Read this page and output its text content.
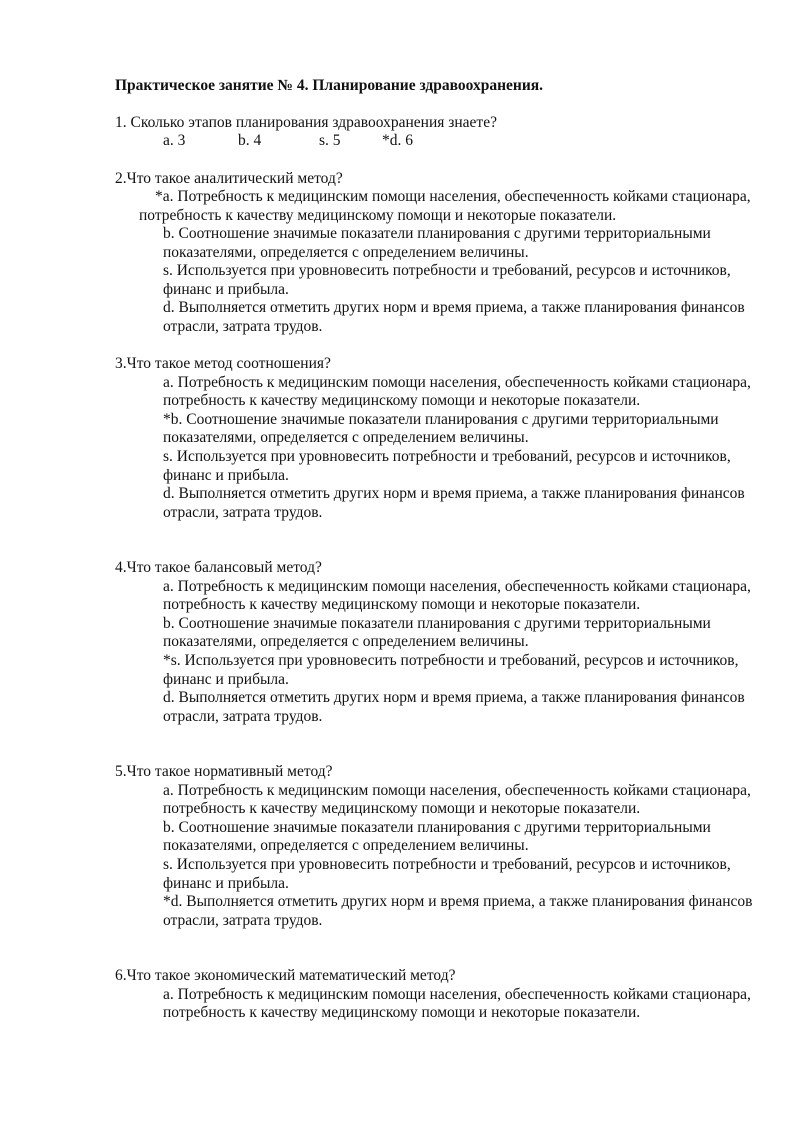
Практическое занятие № 4. Планирование здравоохранения.
1. Сколько этапов планирования здравоохранения знаете?
a. 3	b. 4	s. 5	*d. 6
2.Что такое аналитический метод?
*a. Потребность к медицинским помощи населения, обеспеченность койками стационара, потребность к качеству медицинскому помощи и некоторые показатели.
b. Соотношение значимые показатели планирования с другими территориальными показателями, определяется с определением величины.
s. Используется при уровновесить потребности и требований, ресурсов и источников, финанс и прибыла.
d. Выполняется отметить других норм и время приема, а также планирования финансов отрасли, затрата трудов.
3.Что такое метод соотношения?
a. Потребность к медицинским помощи населения, обеспеченность койками стационара, потребность к качеству медицинскому помощи и некоторые показатели.
*b. Соотношение значимые показатели планирования с другими территориальными показателями, определяется с определением величины.
s. Используется при уровновесить потребности и требований, ресурсов и источников, финанс и прибыла.
d. Выполняется отметить других норм и время приема, а также планирования финансов отрасли, затрата трудов.
4.Что такое балансовый метод?
a. Потребность к медицинским помощи населения, обеспеченность койками стационара, потребность к качеству медицинскому помощи и некоторые показатели.
b. Соотношение значимые показатели планирования с другими территориальными показателями, определяется с определением величины.
*s. Используется при уровновесить потребности и требований, ресурсов и источников, финанс и прибыла.
d. Выполняется отметить других норм и время приема, а также планирования финансов отрасли, затрата трудов.
5.Что такое нормативный метод?
a. Потребность к медицинским помощи населения, обеспеченность койками стационара, потребность к качеству медицинскому помощи и некоторые показатели.
b. Соотношение значимые показатели планирования с другими территориальными показателями, определяется с определением величины.
s. Используется при уровновесить потребности и требований, ресурсов и источников, финанс и прибыла.
*d. Выполняется отметить других норм и время приема, а также планирования финансов отрасли, затрата трудов.
6.Что такое экономический математический метод?
a. Потребность к медицинским помощи населения, обеспеченность койками стационара, потребность к качеству медицинскому помощи и некоторые показатели.
